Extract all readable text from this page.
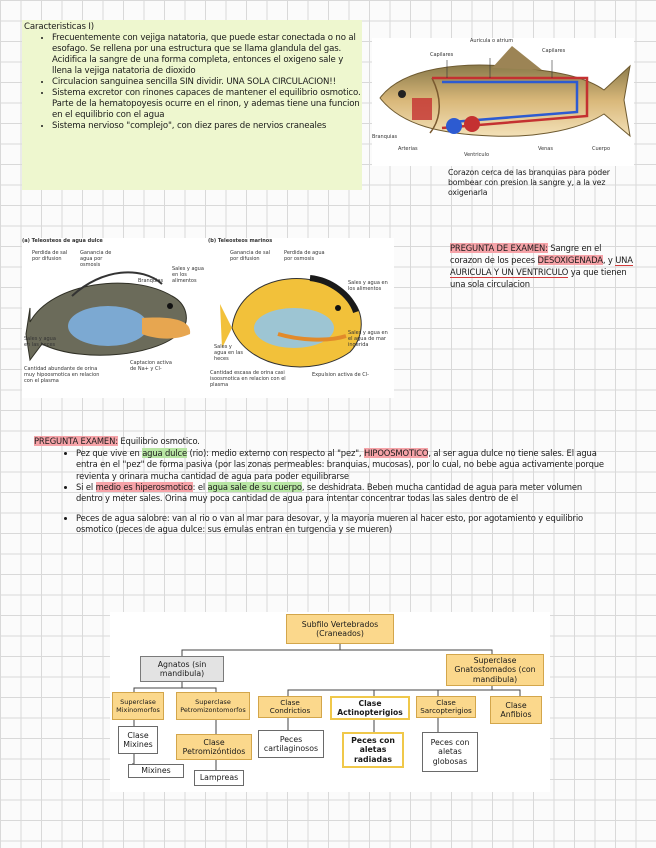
Caracteristicas I)
• Frecuentemente con vejiga natatoria, que puede estar conectada o no al esofago. Se rellena por una estructura que se llama glandula del gas. Acidifica la sangre de una forma completa, entonces el oxigeno sale y llena la vejiga natatoria de dioxido
• Circulacion sanguinea sencilla SIN dividir. UNA SOLA CIRCULACION!!
• Sistema excretor con rinones capaces de mantener el equilibrio osmotico. Parte de la hematopoyesis ocurre en el rinon, y ademas tiene una funcion en el equilibrio con el agua
• Sistema nervioso "complejo", con diez pares de nervios craneales
Auricula o atrium
Capilares
Capilares
Branquias
Arterias
Ventriculo
Venas	Cuerpo
Corazon cerca de las branquias para poder bombear con presion la sangre y, a la vez oxigenarla
(a) Teleosteos de agua dulce	(b) Teleosteos marinos
Perdida de sal por difusion
Ganancia de agua por osmosis
Sales y agua en los alimentos
Branquias
Sales y agua en las heces
Cantidad abundante de orina muy hipoosmotica en relacion con el plasma
Captacion activa de Na+ y Cl-
Ganancia de sal por difusion
Perdida de agua por osmosis
Sales y agua en los alimentos
Sales y agua en el agua de mar ingerida
Sales y agua en las heces
Cantidad escasa de orina casi isoosmotica en relacion con el plasma
Expulsion activa de Cl-
PREGUNTA DE EXAMEN: Sangre en el corazon de los peces DESOXIGENADA, y UNA AURICULA Y UN VENTRICULO ya que tienen una sola circulacion
PREGUNTA EXAMEN: Equilibrio osmotico.
• Pez que vive en agua dulce (rio): medio externo con respecto al "pez", HIPOOSMOTICO, al ser agua dulce no tiene sales. El agua entra en el "pez" de forma pasiva (por las zonas permeables: branquias, mucosas), por lo cual, no bebe agua activamente porque revienta y orinara mucha cantidad de agua para poder equilibrarse
• Si el medio es hiperosmotico: el agua sale de su cuerpo, se deshidrata. Beben mucha cantidad de agua para meter volumen dentro y meter sales. Orina muy poca cantidad de agua para intentar concentrar todas las sales dentro de el
• Peces de agua salobre: van al rio o van al mar para desovar, y la mayoria mueren al hacer esto, por agotamiento y equilibrio osmotico (peces de agua dulce: sus emulas entran en turgencia y se mueren)
Subfilo Vertebrados (Craneados)
Agnatos (sin mandibula)
Superclase Gnatostomados (con mandibula)
Superclase Mixinomorfos
Superclase Petromizontomorfos
Clase Mixines	Clase Petromizóntidos
Mixines
Lampreas
Clase Condrictios
Clase Actinopterigios
Clase Sarcopterigios
Clase Anfibios
Peces cartilaginosos
Peces con aletas radiadas
Peces con aletas globosas
